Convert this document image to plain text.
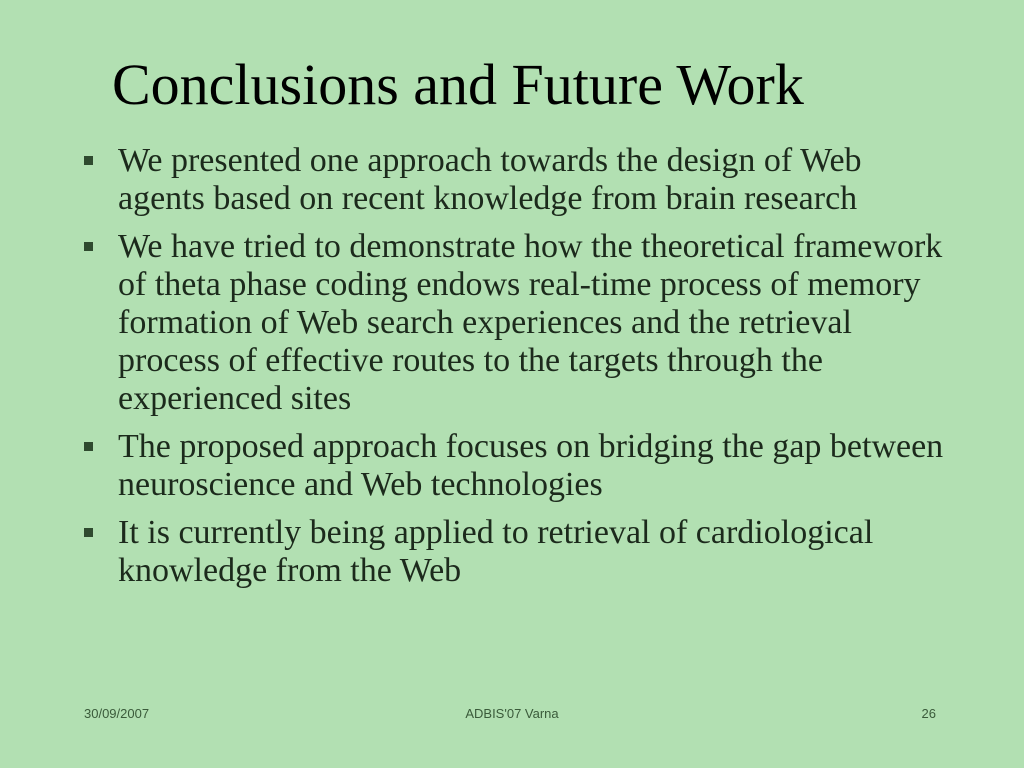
Conclusions and Future Work
We presented one approach towards the design of Web agents based on recent knowledge from brain research
We have tried to demonstrate how the theoretical framework of theta phase coding endows real-time process of memory formation of Web search experiences and the retrieval process of effective routes to the targets through the experienced sites
The proposed approach focuses on bridging the gap between neuroscience and Web technologies
It is currently being applied to retrieval of cardiological knowledge from the Web
30/09/2007	ADBIS'07 Varna	26
